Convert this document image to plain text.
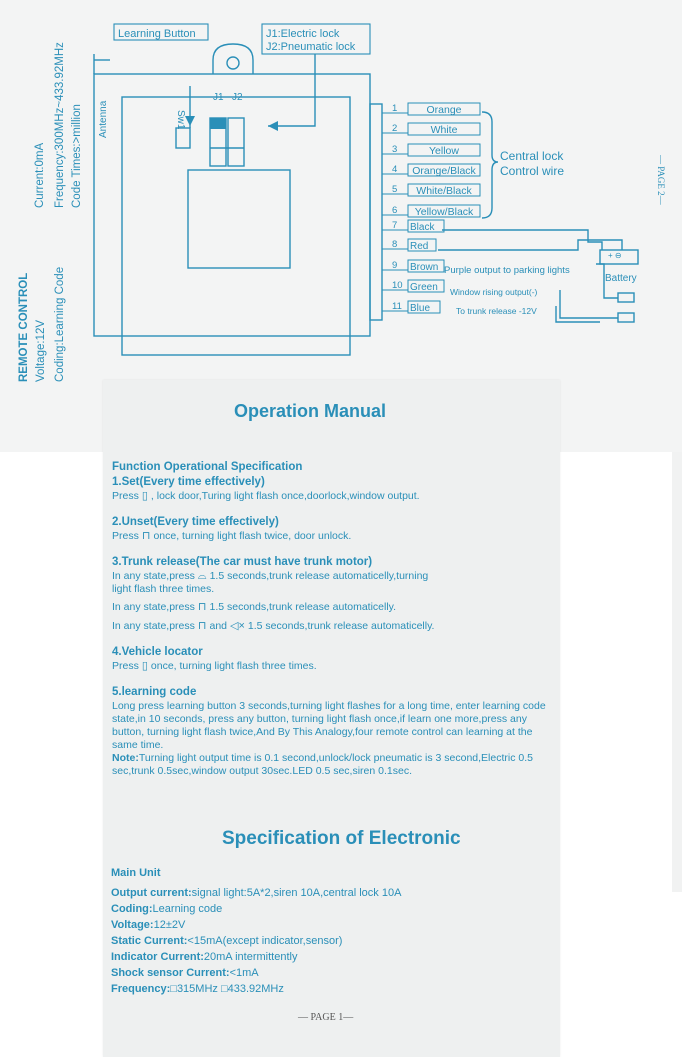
Learning Button	J1:Electric lock
J2:Pneumatic lock
J1 J2
Sw1
Antenna
Central lock
Control wire
Battery
Purple output to parking lights
Window rising output(-)
To trunk release -12V
+ ⊖
1	Orange
2	White
3	Yellow
4 Orange/Black
5 White/Black
6 Yellow/Black
7 Black
8 Red
9 Brown
10 Green
11 Blue
Current:0mA Frequency:300MHz~433.92MHz Code Times:>million
REMOTE CONTROL Voltage:12V Coding:Learning Code
— PAGE 2—
Operation Manual
Function Operational Specification
1.Set(Every time effectively)

Press ▯ , lock door,Turing light flash once,doorlock,window output.

2.Unset(Every time effectively)

Press ⊓ once, turning light flash twice, door unlock.

3.Trunk release(The car must have trunk motor)

In any state,press ⌓ 1.5 seconds,trunk release automaticelly,turning

light flash three times.

In any state,press ⊓ 1.5 seconds,trunk release automaticelly.

In any state,press ⊓ and ◁× 1.5 seconds,trunk release automaticelly.

4.Vehicle locator

Press ▯ once, turning light flash three times.

5.learning code

Long press learning button 3 seconds,turning light flashes for a long time, enter learning code state,in 10 seconds, press any button, turning light flash once,if learn one more,press any button, turning light flash twice,And By This Analogy,four remote control can learning at the same time.

Note:Turning light output time is 0.1 second,unlock/lock pneumatic is 3 second,Electric 0.5 sec,trunk 0.5sec,window output 30sec.LED 0.5 sec,siren 0.1sec.

Specification of Electronic
Main Unit
Output current:signal light:5A*2,siren 10A,central lock 10A
Coding:Learning code
Voltage:12±2V
Static Current:<15mA(except indicator,sensor)
Indicator Current:20mA intermittently
Shock sensor Current:<1mA
Frequency:□315MHz □433.92MHz
— PAGE 1—
